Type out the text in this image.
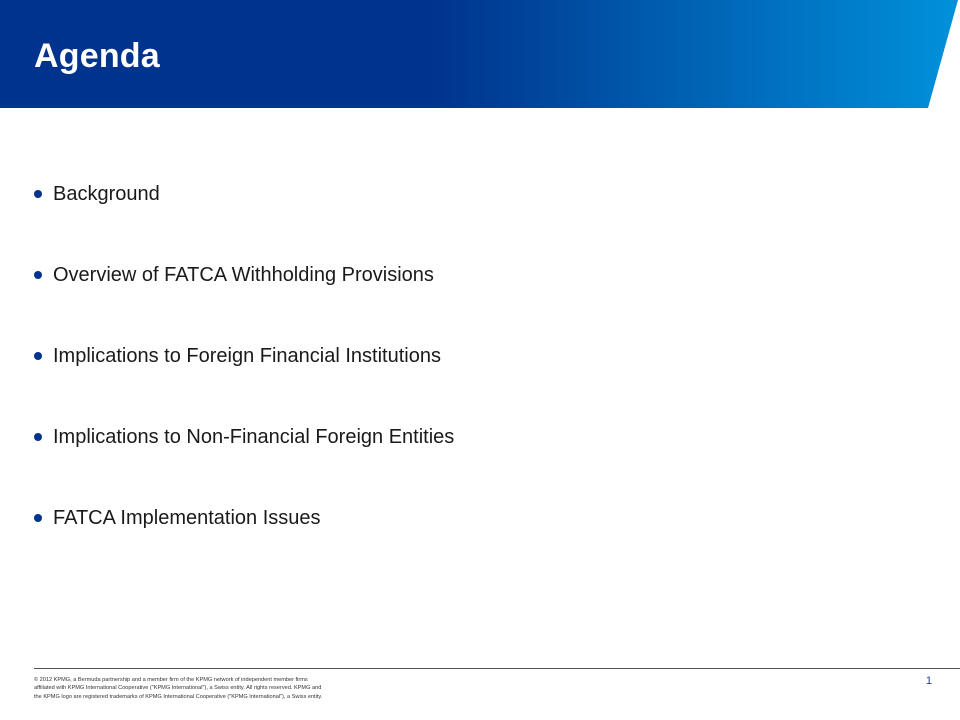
Agenda
Background
Overview of FATCA Withholding Provisions
Implications to Foreign Financial Institutions
Implications to Non-Financial Foreign Entities
FATCA Implementation Issues
© 2012 KPMG, a Bermuda partnership and a member firm of the KPMG network of independent member firms
affiliated with KPMG International Cooperative ("KPMG International"), a Swiss entity. All rights reserved. KPMG and
the KPMG logo are registered trademarks of KPMG International Cooperative ("KPMG International"), a Swiss entity.
1
